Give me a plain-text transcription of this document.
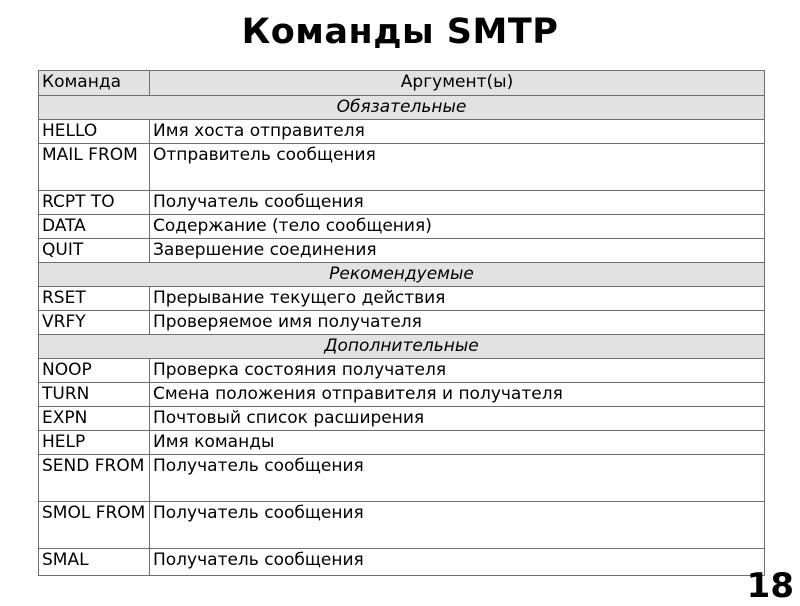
Команды SMTP
Команда	Аргумент(ы)
Обязательные	
HELLO	Имя хоста отправителя
MAIL FROM	Отправитель сообщения
RCPT TO	Получатель сообщения
DATA	Содержание (тело сообщения)
QUIT	Завершение соединения
Рекомендуемые	
RSET	Прерывание текущего действия
VRFY	Проверяемое имя получателя
Дополнительные	
NOOP	Проверка состояния получателя
TURN	Смена положения отправителя и получателя
EXPN	Почтовый список расширения
HELP	Имя команды
SEND FROM	Получатель сообщения
SMOL FROM	Получатель сообщения
SMAL	Получатель сообщения
18
